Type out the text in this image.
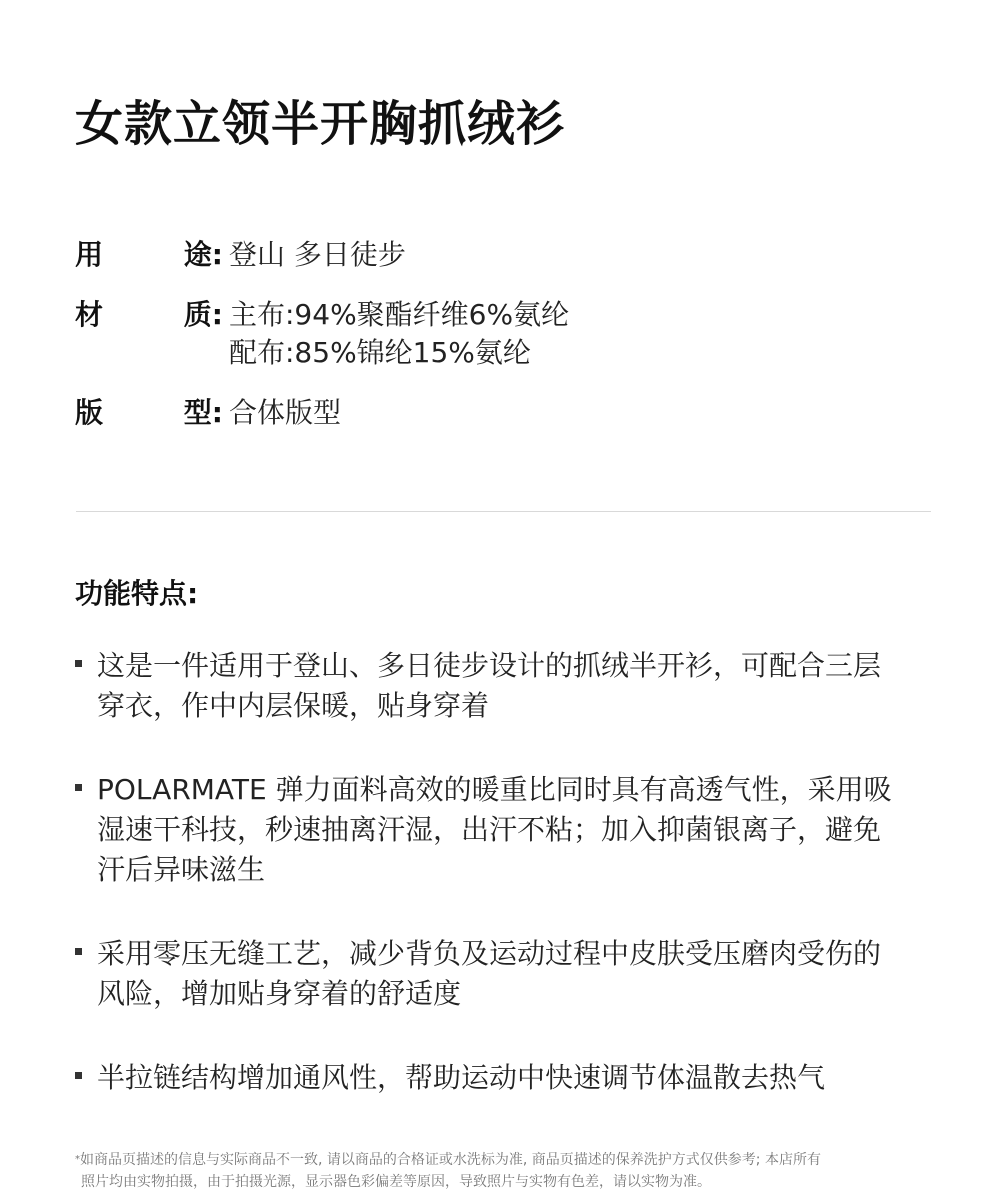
女款立领半开胸抓绒衫
用	途: 登山 多日徒步
材	质: 主布:94%聚酯纤维6%氨纶
配布:85%锦纶15%氨纶
版	型: 合体版型
功能特点:
这是一件适用于登山、多日徒步设计的抓绒半开衫，可配合三层
穿衣，作中内层保暖，贴身穿着
POLARMATE 弹力面料高效的暖重比同时具有高透气性，采用吸
湿速干科技，秒速抽离汗湿，出汗不粘；加入抑菌银离子，避免
汗后异味滋生
采用零压无缝工艺，减少背负及运动过程中皮肤受压磨肉受伤的
风险，增加贴身穿着的舒适度
半拉链结构增加通风性，帮助运动中快速调节体温散去热气
*如商品页描述的信息与实际商品不一致, 请以商品的合格证或水洗标为准, 商品页描述的保养洗护方式仅供参考; 本店所有
照片均由实物拍摄，由于拍摄光源，显示器色彩偏差等原因，导致照片与实物有色差，请以实物为准。
